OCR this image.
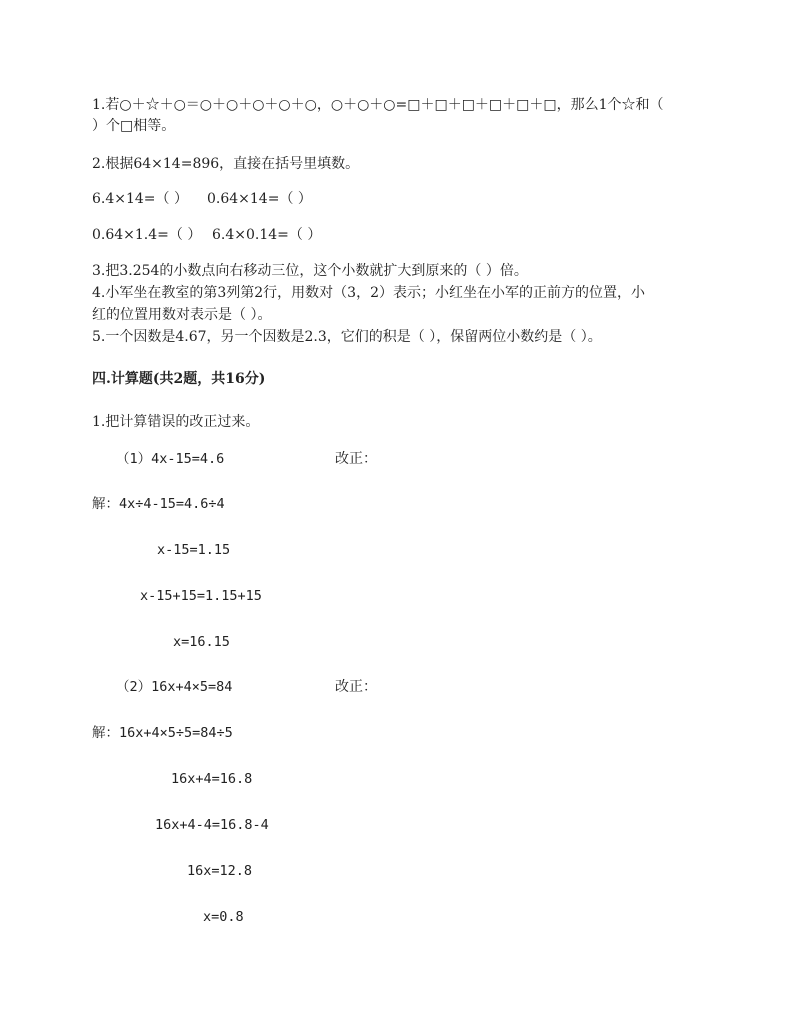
1.若○＋☆＋○＝○＋○＋○＋○＋○，○＋○＋○=□＋□＋□＋□＋□＋□，那么1个☆和（
）个□相等。
2.根据64×14=896，直接在括号里填数。
6.4×14=（ ） 0.64×14=（ ）
0.64×1.4=（ ） 6.4×0.14=（ ）
3.把3.254的小数点向右移动三位，这个小数就扩大到原来的（ ）倍。
4.小军坐在教室的第3列第2行，用数对（3，2）表示；小红坐在小军的正前方的位置，小
红的位置用数对表示是（ ）。
5.一个因数是4.67，另一个因数是2.3，它们的积是（ ），保留两位小数约是（ ）。
四.计算题(共2题，共16分)
1.把计算错误的改正过来。
（1）4x-15=4.6	改正：
解：4x÷4-15=4.6÷4
x-15=1.15
x-15+15=1.15+15
x=16.15
（2）16x+4×5=84	改正：
解：16x+4×5÷5=84÷5
16x+4=16.8
16x+4-4=16.8-4
16x=12.8
x=0.8
